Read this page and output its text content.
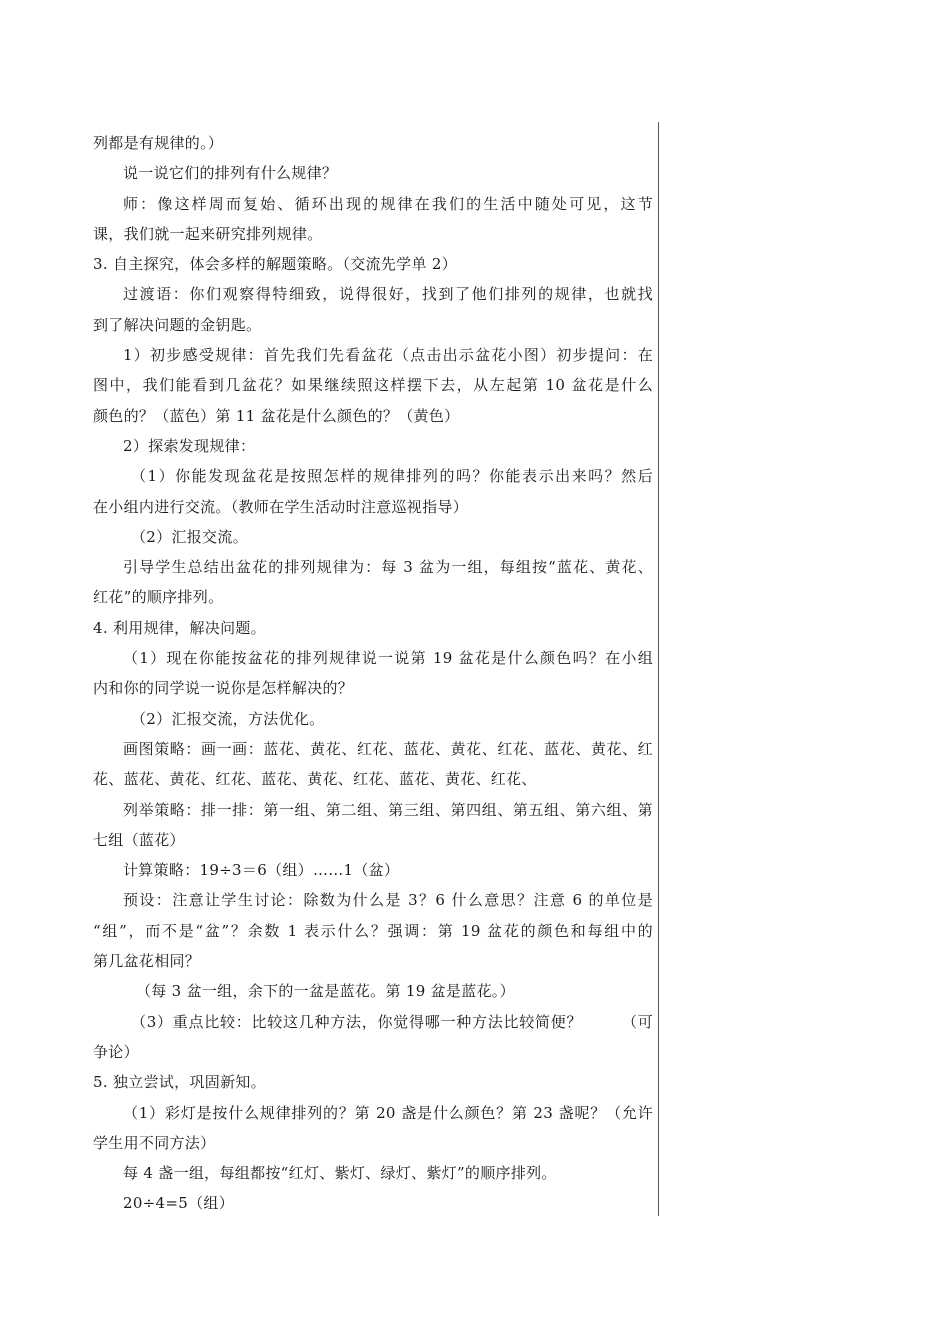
列都是有规律的。）
说一说它们的排列有什么规律？
师：像这样周而复始、循环出现的规律在我们的生活中随处可见，这节
课，我们就一起来研究排列规律。
3. 自主探究，体会多样的解题策略。（交流先学单 2）
过渡语：你们观察得特细致，说得很好，找到了他们排列的规律，也就找
到了解决问题的金钥匙。
1）初步感受规律：首先我们先看盆花（点击出示盆花小图）初步提问：在
图中，我们能看到几盆花？如果继续照这样摆下去，从左起第 10 盆花是什么
颜色的？（蓝色）第 11 盆花是什么颜色的？（黄色）
2）探索发现规律：
（1）你能发现盆花是按照怎样的规律排列的吗？你能表示出来吗？然后
在小组内进行交流。（教师在学生活动时注意巡视指导）
（2）汇报交流。
引导学生总结出盆花的排列规律为：每 3 盆为一组，每组按“蓝花、黄花、
红花”的顺序排列。
4. 利用规律，解决问题。
（1）现在你能按盆花的排列规律说一说第 19 盆花是什么颜色吗？在小组
内和你的同学说一说你是怎样解决的？
（2）汇报交流，方法优化。
画图策略：画一画：蓝花、黄花、红花、蓝花、黄花、红花、蓝花、黄花、红
花、蓝花、黄花、红花、蓝花、黄花、红花、蓝花、黄花、红花、
列举策略：排一排：第一组、第二组、第三组、第四组、第五组、第六组、第
七组（蓝花）
计算策略：19÷3＝6（组）……1（盆）
预设：注意让学生讨论：除数为什么是 3？6 什么意思？注意 6 的单位是
“组”，而不是“盆”？余数 1 表示什么？强调：第 19 盆花的颜色和每组中的
第几盆花相同？
（每 3 盆一组，余下的一盆是蓝花。第 19 盆是蓝花。）
（3）重点比较：比较这几种方法，你觉得哪一种方法比较简便？　　　（可
争论）
5. 独立尝试，巩固新知。
（1）彩灯是按什么规律排列的？第 20 盏是什么颜色？第 23 盏呢？（允许
学生用不同方法）
每 4 盏一组，每组都按“红灯、紫灯、绿灯、紫灯”的顺序排列。
20÷4=5（组）
